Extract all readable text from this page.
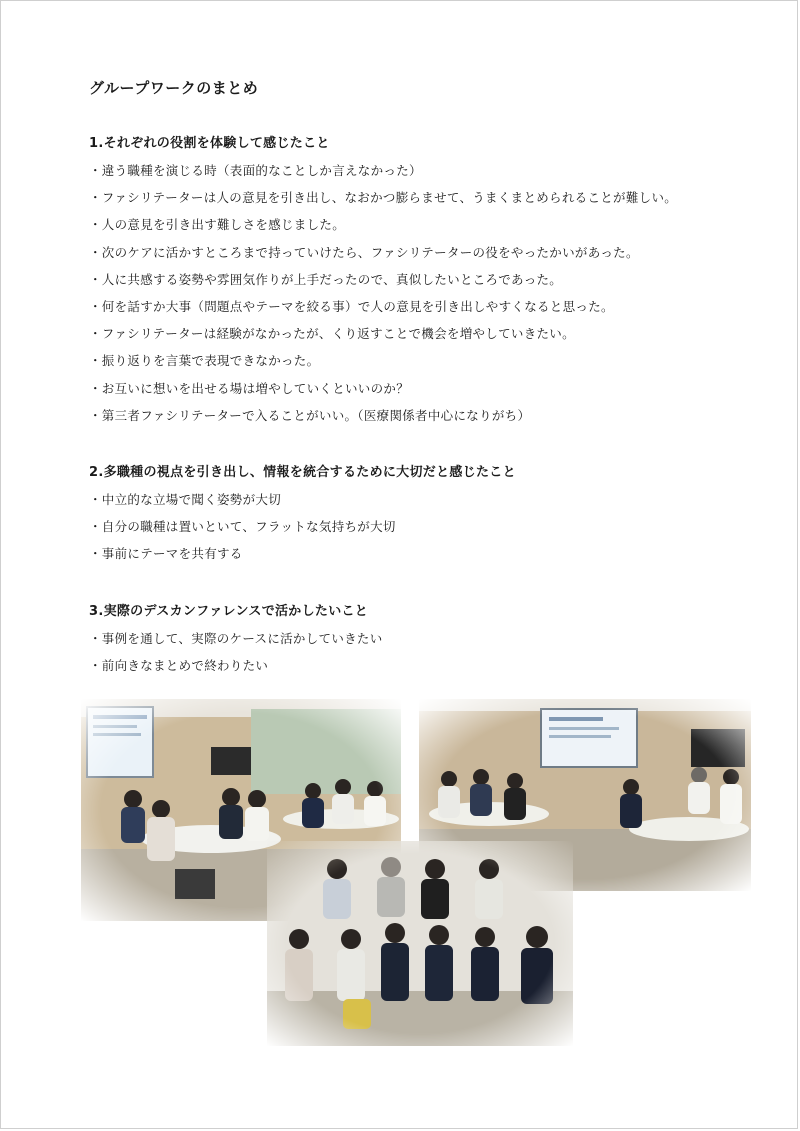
グループワークのまとめ
1.それぞれの役割を体験して感じたこと
・違う職種を演じる時（表面的なことしか言えなかった）
・ファシリテーターは人の意見を引き出し、なおかつ膨らませて、うまくまとめられることが難しい。
・人の意見を引き出す難しさを感じました。
・次のケアに活かすところまで持っていけたら、ファシリテーターの役をやったかいがあった。
・人に共感する姿勢や雰囲気作りが上手だったので、真似したいところであった。
・何を話すか大事（問題点やテーマを絞る事）で人の意見を引き出しやすくなると思った。
・ファシリテーターは経験がなかったが、くり返すことで機会を増やしていきたい。
・振り返りを言葉で表現できなかった。
・お互いに想いを出せる場は増やしていくといいのか？
・第三者ファシリテーターで入ることがいい。（医療関係者中心になりがち）
2.多職種の視点を引き出し、情報を統合するために大切だと感じたこと
・中立的な立場で聞く姿勢が大切
・自分の職種は置いといて、フラットな気持ちが大切
・事前にテーマを共有する
3.実際のデスカンファレンスで活かしたいこと
・事例を通して、実際のケースに活かしていきたい
・前向きなまとめで終わりたい
